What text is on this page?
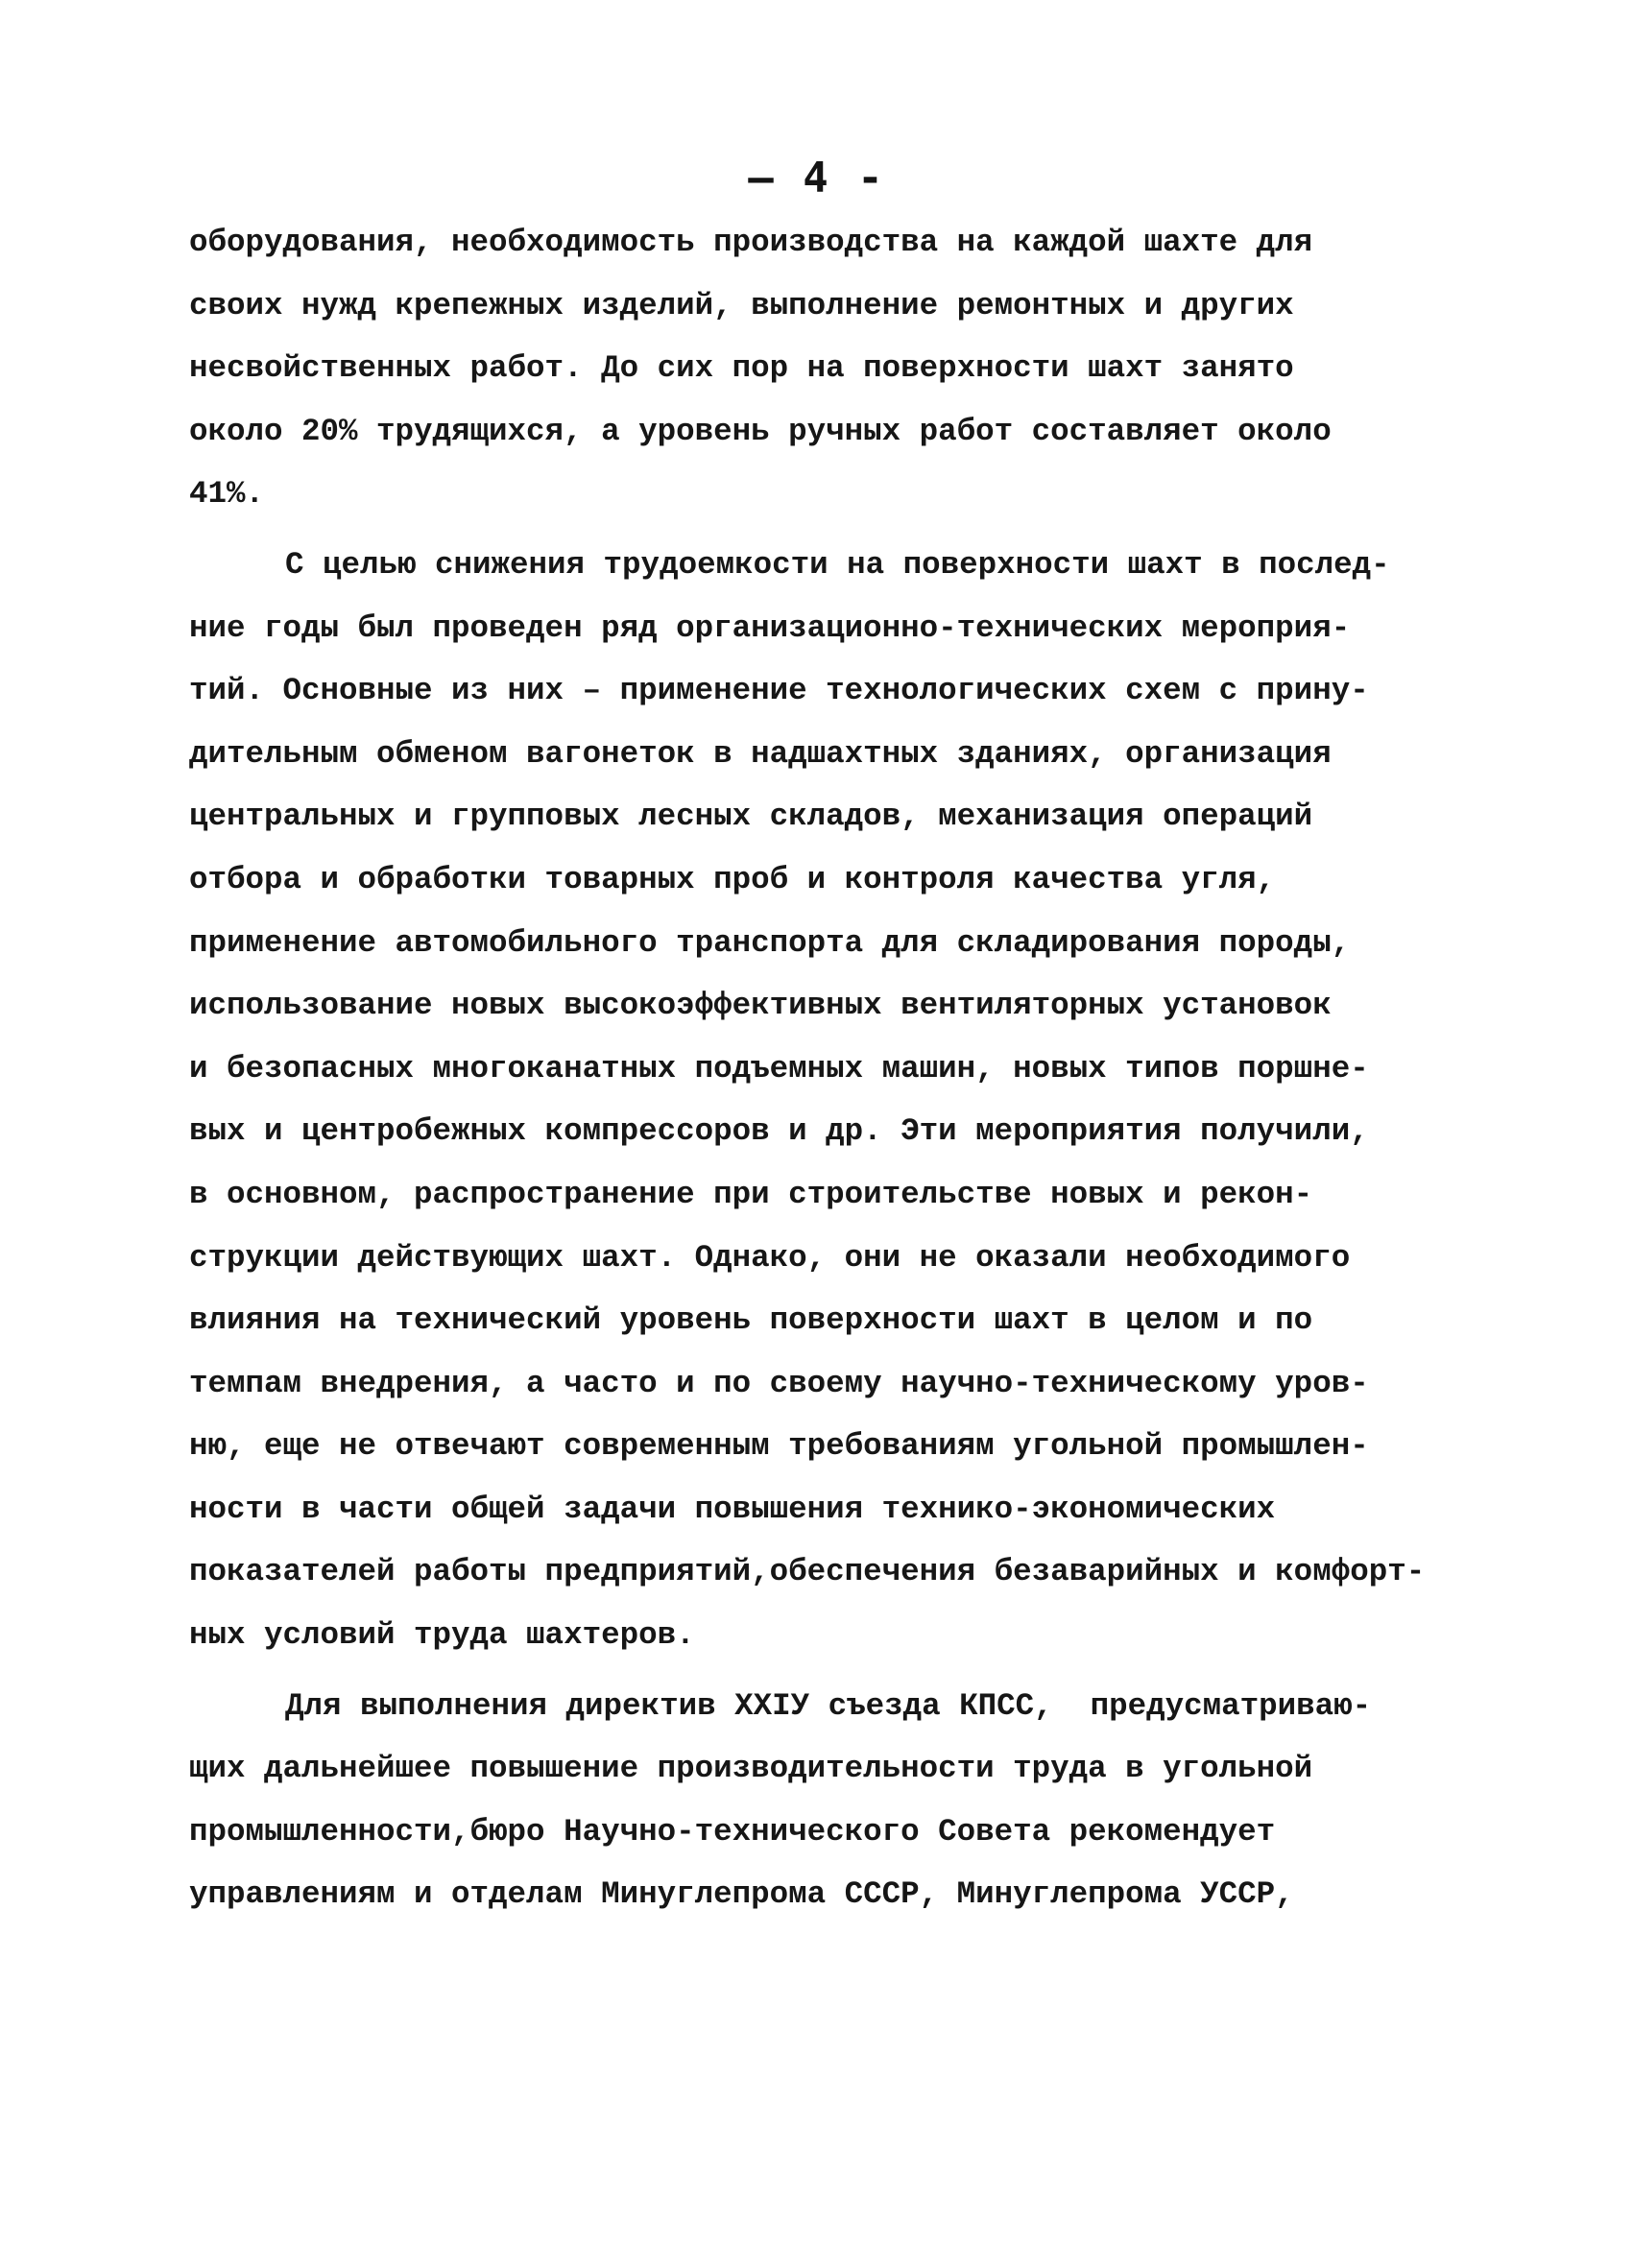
— 4 -
оборудования, необходимость производства на каждой шахте для
своих нужд крепежных изделий, выполнение ремонтных и других
несвойственных работ. До сих пор на поверхности шахт занято
около 20% трудящихся, а уровень ручных работ составляет около
41%.
С целью снижения трудоемкости на поверхности шахт в послед-
ние годы был проведен ряд организационно-технических мероприя-
тий. Основные из них – применение технологических схем с прину-
дительным обменом вагонеток в надшахтных зданиях, организация
центральных и групповых лесных складов, механизация операций
отбора и обработки товарных проб и контроля качества угля,
применение автомобильного транспорта для складирования породы,
использование новых высокоэффективных вентиляторных установок
и безопасных многоканатных подъемных машин, новых типов поршне-
вых и центробежных компрессоров и др. Эти мероприятия получили,
в основном, распространение при строительстве новых и рекон-
струкции действующих шахт. Однако, они не оказали необходимого
влияния на технический уровень поверхности шахт в целом и по
темпам внедрения, а часто и по своему научно-техническому уров-
ню, еще не отвечают современным требованиям угольной промышлен-
ности в части общей задачи повышения технико-экономических
показателей работы предприятий,обеспечения безаварийных и комфорт-
ных условий труда шахтеров.
Для выполнения директив XXIУ съезда КПСС,  предусматриваю-
щих дальнейшее повышение производительности труда в угольной
промышленности,бюро Научно-технического Совета рекомендует
управлениям и отделам Минуглепрома СССР, Минуглепрома УССР,
